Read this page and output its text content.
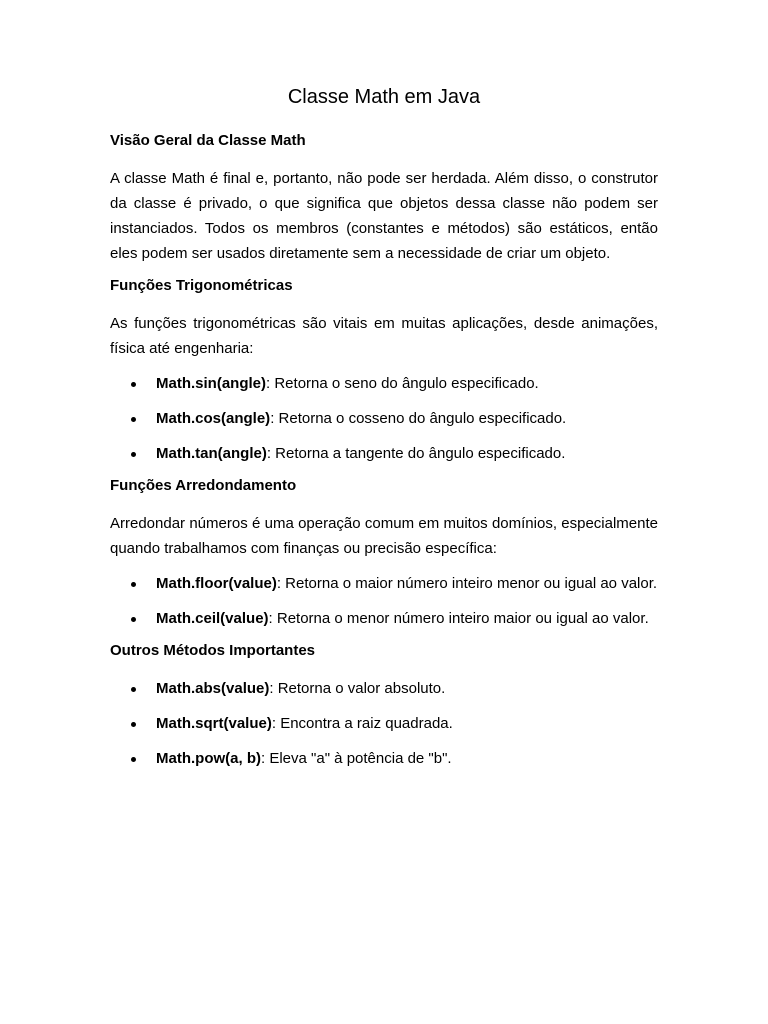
Classe Math em Java
Visão Geral da Classe Math

A classe Math é final e, portanto, não pode ser herdada. Além disso, o construtor da classe é privado, o que significa que objetos dessa classe não podem ser instanciados. Todos os membros (constantes e métodos) são estáticos, então eles podem ser usados diretamente sem a necessidade de criar um objeto.

Funções Trigonométricas

As funções trigonométricas são vitais em muitas aplicações, desde animações, física até engenharia:

Math.sin(angle): Retorna o seno do ângulo especificado.
Math.cos(angle): Retorna o cosseno do ângulo especificado.
Math.tan(angle): Retorna a tangente do ângulo especificado.
Funções Arredondamento

Arredondar números é uma operação comum em muitos domínios, especialmente quando trabalhamos com finanças ou precisão específica:

Math.floor(value): Retorna o maior número inteiro menor ou igual ao valor.
Math.ceil(value): Retorna o menor número inteiro maior ou igual ao valor.
Outros Métodos Importantes
Math.abs(value): Retorna o valor absoluto.
Math.sqrt(value): Encontra a raiz quadrada.
Math.pow(a, b): Eleva "a" à potência de "b".
